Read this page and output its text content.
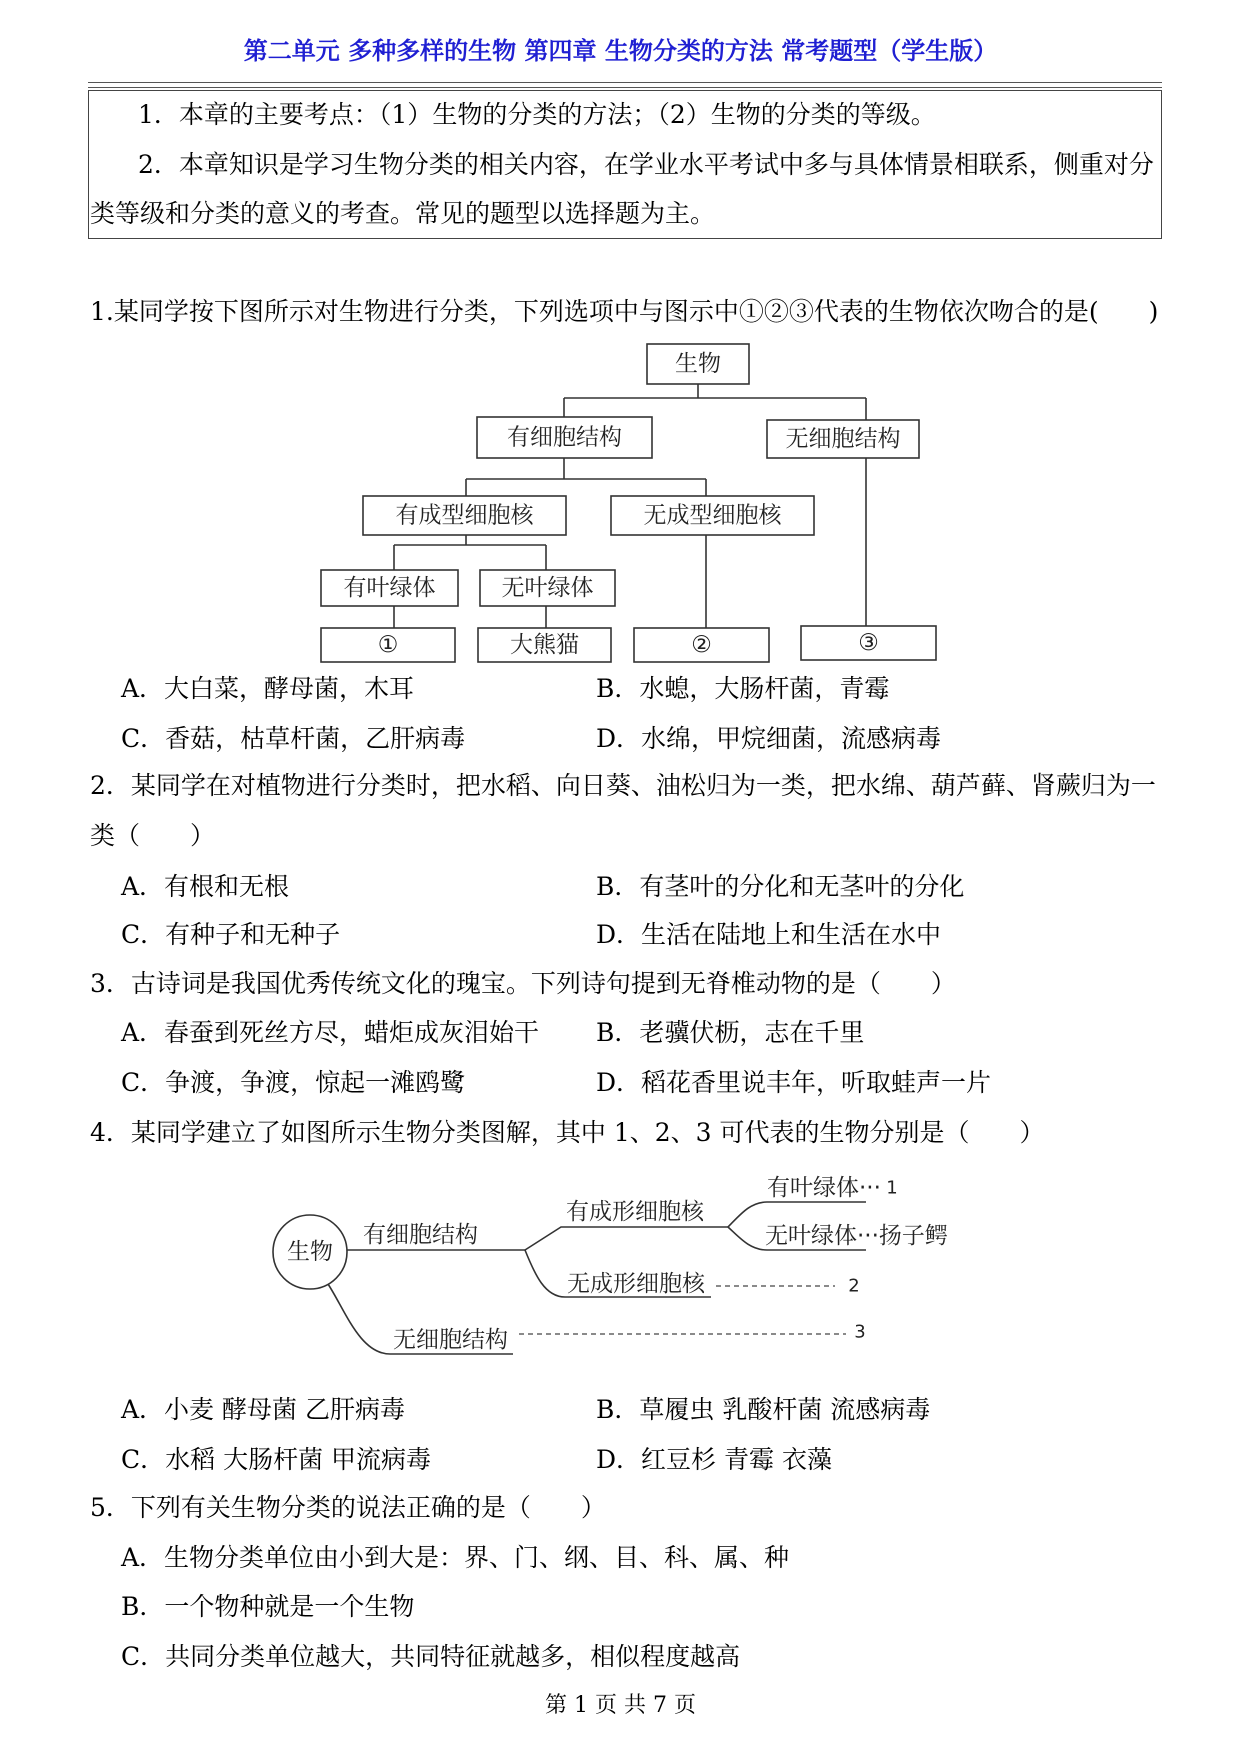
第二单元 多种多样的生物 第四章 生物分类的方法 常考题型（学生版）
1．本章的主要考点：（1）生物的分类的方法；（2）生物的分类的等级。
2．本章知识是学习生物分类的相关内容，在学业水平考试中多与具体情景相联系，侧重对分
类等级和分类的意义的考查。常见的题型以选择题为主。
1.某同学按下图所示对生物进行分类，下列选项中与图示中①②③代表的生物依次吻合的是(　　)
生物
有细胞结构	无细胞结构
有成型细胞核	无成型细胞核
有叶绿体	无叶绿体
①	大熊猫	②	③
A．大白菜，酵母菌，木耳	B．水螅，大肠杆菌，青霉
C．香菇，枯草杆菌，乙肝病毒	D．水绵，甲烷细菌，流感病毒
2．某同学在对植物进行分类时，把水稻、向日葵、油松归为一类，把水绵、葫芦藓、肾蕨归为一
类（　　）
A．有根和无根	B．有茎叶的分化和无茎叶的分化
C．有种子和无种子	D．生活在陆地上和生活在水中
3．古诗词是我国优秀传统文化的瑰宝。下列诗句提到无脊椎动物的是（　　）
A．春蚕到死丝方尽，蜡炬成灰泪始干 B．老骥伏枥，志在千里
C．争渡，争渡，惊起一滩鸥鹭	D．稻花香里说丰年，听取蛙声一片
4．某同学建立了如图所示生物分类图解，其中 1、2、3 可代表的生物分别是（　　）
生物
有细胞结构
有成形细胞核
有叶绿体··· 1
无叶绿体···扬子鳄
无成形细胞核	2
无细胞结构	3
A．小麦 酵母菌 乙肝病毒	B．草履虫 乳酸杆菌 流感病毒
C．水稻 大肠杆菌 甲流病毒	D．红豆杉 青霉 衣藻
5．下列有关生物分类的说法正确的是（　　）
A．生物分类单位由小到大是：界、门、纲、目、科、属、种
B．一个物种就是一个生物
C．共同分类单位越大，共同特征就越多，相似程度越高
第 1 页 共 7 页
